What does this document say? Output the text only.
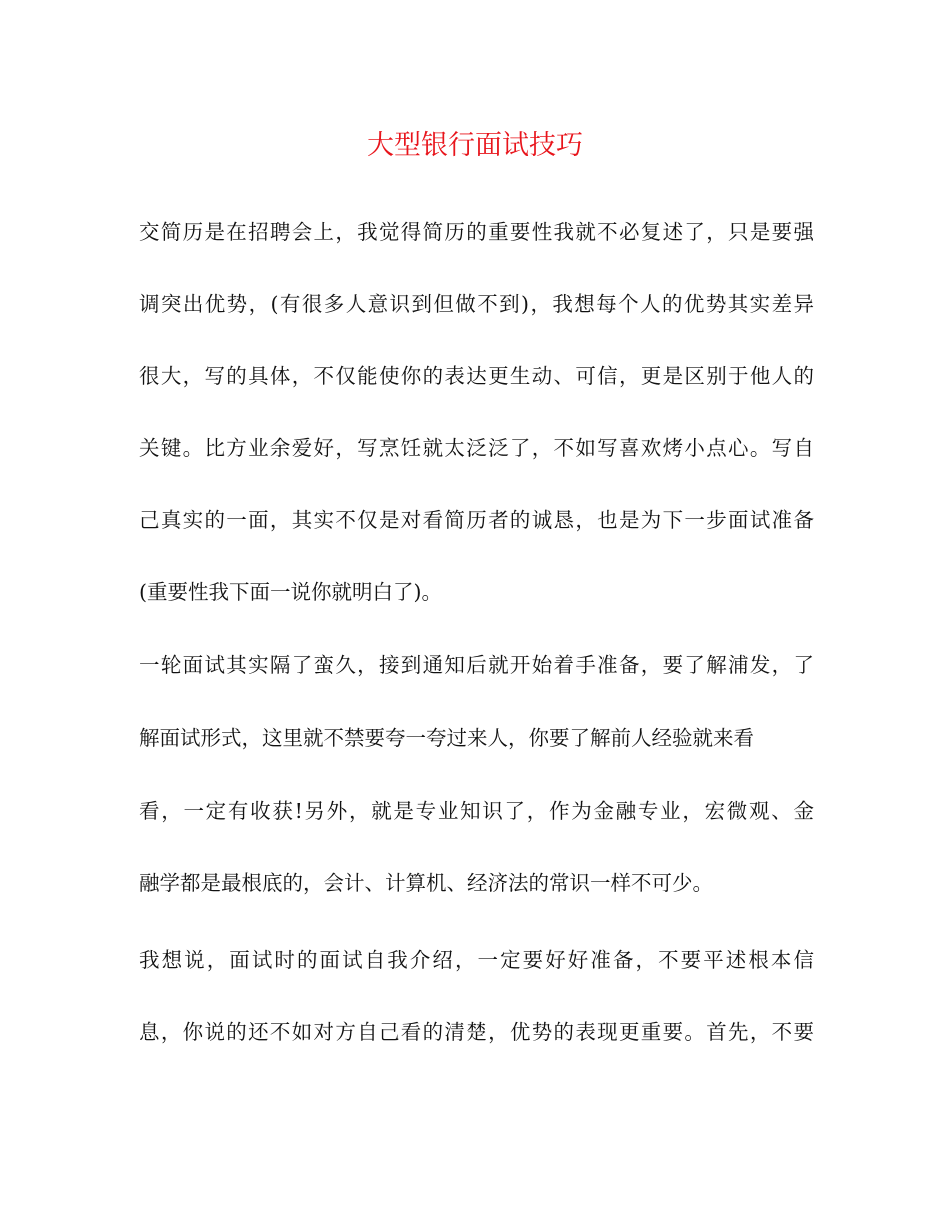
大型银行面试技巧
交简历是在招聘会上，我觉得简历的重要性我就不必复述了，只是要强
调突出优势，(有很多人意识到但做不到)，我想每个人的优势其实差异
很大，写的具体，不仅能使你的表达更生动、可信，更是区别于他人的
关键。比方业余爱好，写烹饪就太泛泛了，不如写喜欢烤小点心。写自
己真实的一面，其实不仅是对看简历者的诚恳，也是为下一步面试准备
(重要性我下面一说你就明白了)。
一轮面试其实隔了蛮久，接到通知后就开始着手准备，要了解浦发，了
解面试形式，这里就不禁要夸一夸过来人，你要了解前人经验就来看
看，一定有收获!另外，就是专业知识了，作为金融专业，宏微观、金
融学都是最根底的，会计、计算机、经济法的常识一样不可少。
我想说，面试时的面试自我介绍，一定要好好准备，不要平述根本信
息，你说的还不如对方自己看的清楚，优势的表现更重要。首先，不要
